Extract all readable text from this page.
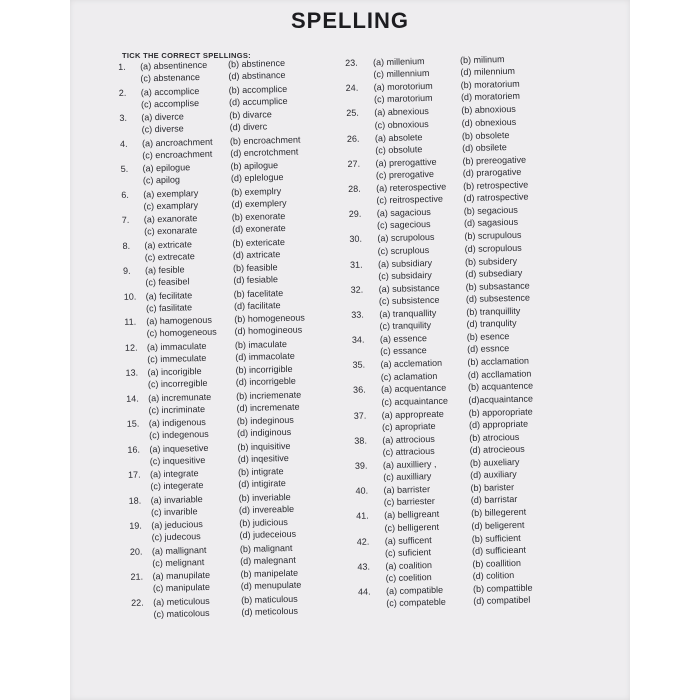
SPELLING
TICK THE CORRECT SPELLINGS:
1.	(a) absentinence (b) abstinence
(c) abstenance	(d) abstinance
2.	(a) accomplice	(b) accomplice
(c) accomplise	(d) accumplice
3.	(a) diverce	(b) divarce
(c) diverse	(d) diverc
4.	(a) ancroachment (b) encroachment
(c) encroachment (d) encrotchment
5.	(a) epilogue	(b) apilogue
(c) apilog	(d) eplelogue
6.	(a) exemplary	(b) exemplry
(c) examplary	(d) exemplery
7.	(a) exanorate	(b) exenorate
(c) exonarate	(d) exonerate
8.	(a) extricate	(b) extericate
(c) extrecate	(d) axtricate
9.	(a) fesible	(b) feasible
(c) feasibel	(d) fesiable
10.	(a) fecilitate	(b) facelitate
(c) fasilitate	(d) facilitate
11.	(a) hamogenous (b) homogeneous
(c) homogeneous (d) homogineous
12.	(a) immaculate	(b) imaculate
(c) immeculate	(d) immacolate
13.	(a) incorigible	(b) incorrigible
(c) incorregible	(d) incorrigeble
14.	(a) incremunate	(b) incriemenate
(c) incriminate	(d) incremenate
15.	(a) indigenous	(b) indeginous
(c) indegenous	(d) indiginous
16.	(a) inquesetive	(b) inquisitive
(c) inquesitive	(d) inqesitive
17.	(a) integrate	(b) intigrate
(c) integerate	(d) intigirate
18.	(a) invariable	(b) inveriable
(c) invarible	(d) invereable
19.	(a) jeducious	(b) judicious
(c) judecous	(d) judeceious
20.	(a) mallignant	(b) malignant
(c) melignant	(d) malegnant
21.	(a) manupilate	(b) manipelate
(c) manipulate	(d) menupulate
22.	(a) meticulous	(b) maticulous
(c) maticolous	(d) meticolous
23.	(a) millenium	(b) milinum
(c) millennium	(d) milennium
24.	(a) morotorium	(b) moratorium
(c) marotorium	(d) moratoriem
25.	(a) abnexious	(b) abnoxious
(c) obnoxious	(d) obnexious
26.	(a) absolete	(b) obsolete
(c) obsolute	(d) obsilete
27.	(a) prerogattive	(b) prereogative
(c) prerogative	(d) prarogative
28.	(a) reterospective (b) retrospective
(c) reitrospective (d) ratrospective
29.	(a) sagacious	(b) segacious
(c) sagecious	(d) sagasious
30.	(a) scrupolous	(b) scrupulous
(c) scruplous	(d) scropulous
31.	(a) subsidiary	(b) subsidery
(c) subsidairy	(d) subsediary
32.	(a) subsistance	(b) subsastance
(c) subsistence	(d) subsestence
33.	(a) tranquallity	(b) tranquillity
(c) tranquility	(d) tranqulity
34.	(a) essence	(b) esence
(c) essance	(d) essnce
35.	(a) acclemation	(b) acclamation
(c) aclamation	(d) accllamation
36.	(a) acquentance (b) acquantence
(c) acquaintance (d)acquaintance
37.	(a) appropreate	(b) apporopriate
(c) apropriate	(d) appropriate
38.	(a) attrocious	(b) atrocious
(c) attracious	(d) atrocieous
39.	(a) auxilliery ,	(b) auxeliary
(c) auxilliary	(d) auxiliary
40.	(a) barrister	(b) barister
(c) barriester	(d) barristar
41.	(a) belligreant	(b) billegerent
(c) belligerent	(d) beligerent
42.	(a) sufficent	(b) sufficient
(c) suficient	(d) sufficieant
43.	(a) coalition	(b) coallition
(c) coelition	(d) colition
44.	(a) compatible	(b) compattible
(c) compateble	(d) compatibel
